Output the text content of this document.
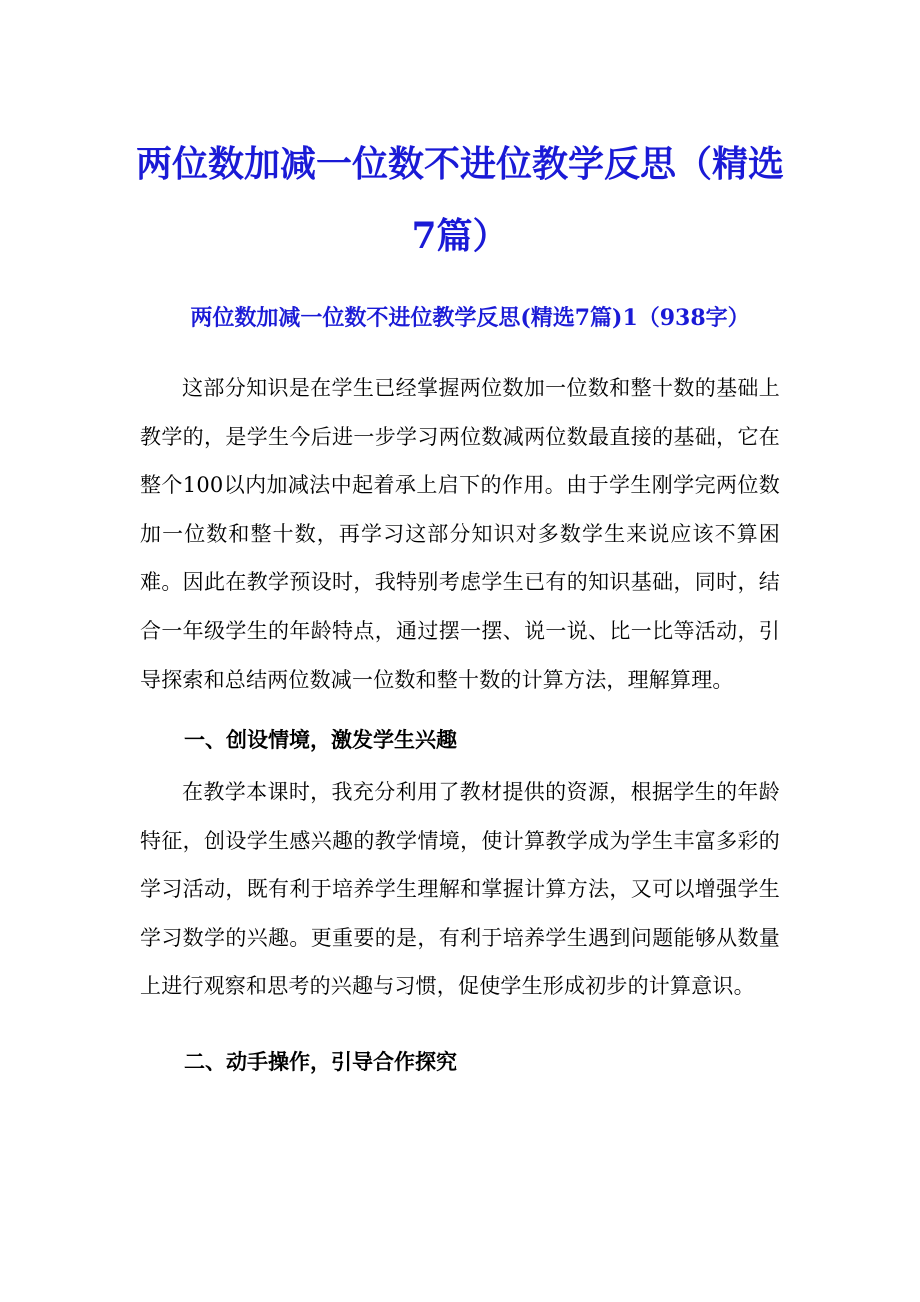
两位数加减一位数不进位教学反思（精选7篇）
两位数加减一位数不进位教学反思(精选7篇)1（938字）

这部分知识是在学生已经掌握两位数加一位数和整十数的基础上教学的，是学生今后进一步学习两位数减两位数最直接的基础，它在整个100以内加减法中起着承上启下的作用。由于学生刚学完两位数加一位数和整十数，再学习这部分知识对多数学生来说应该不算困难。因此在教学预设时，我特别考虑学生已有的知识基础，同时，结合一年级学生的年龄特点，通过摆一摆、说一说、比一比等活动，引导探索和总结两位数减一位数和整十数的计算方法，理解算理。

一、创设情境，激发学生兴趣

在教学本课时，我充分利用了教材提供的资源，根据学生的年龄特征，创设学生感兴趣的教学情境，使计算教学成为学生丰富多彩的学习活动，既有利于培养学生理解和掌握计算方法，又可以增强学生学习数学的兴趣。更重要的是，有利于培养学生遇到问题能够从数量上进行观察和思考的兴趣与习惯，促使学生形成初步的计算意识。

二、动手操作，引导合作探究
